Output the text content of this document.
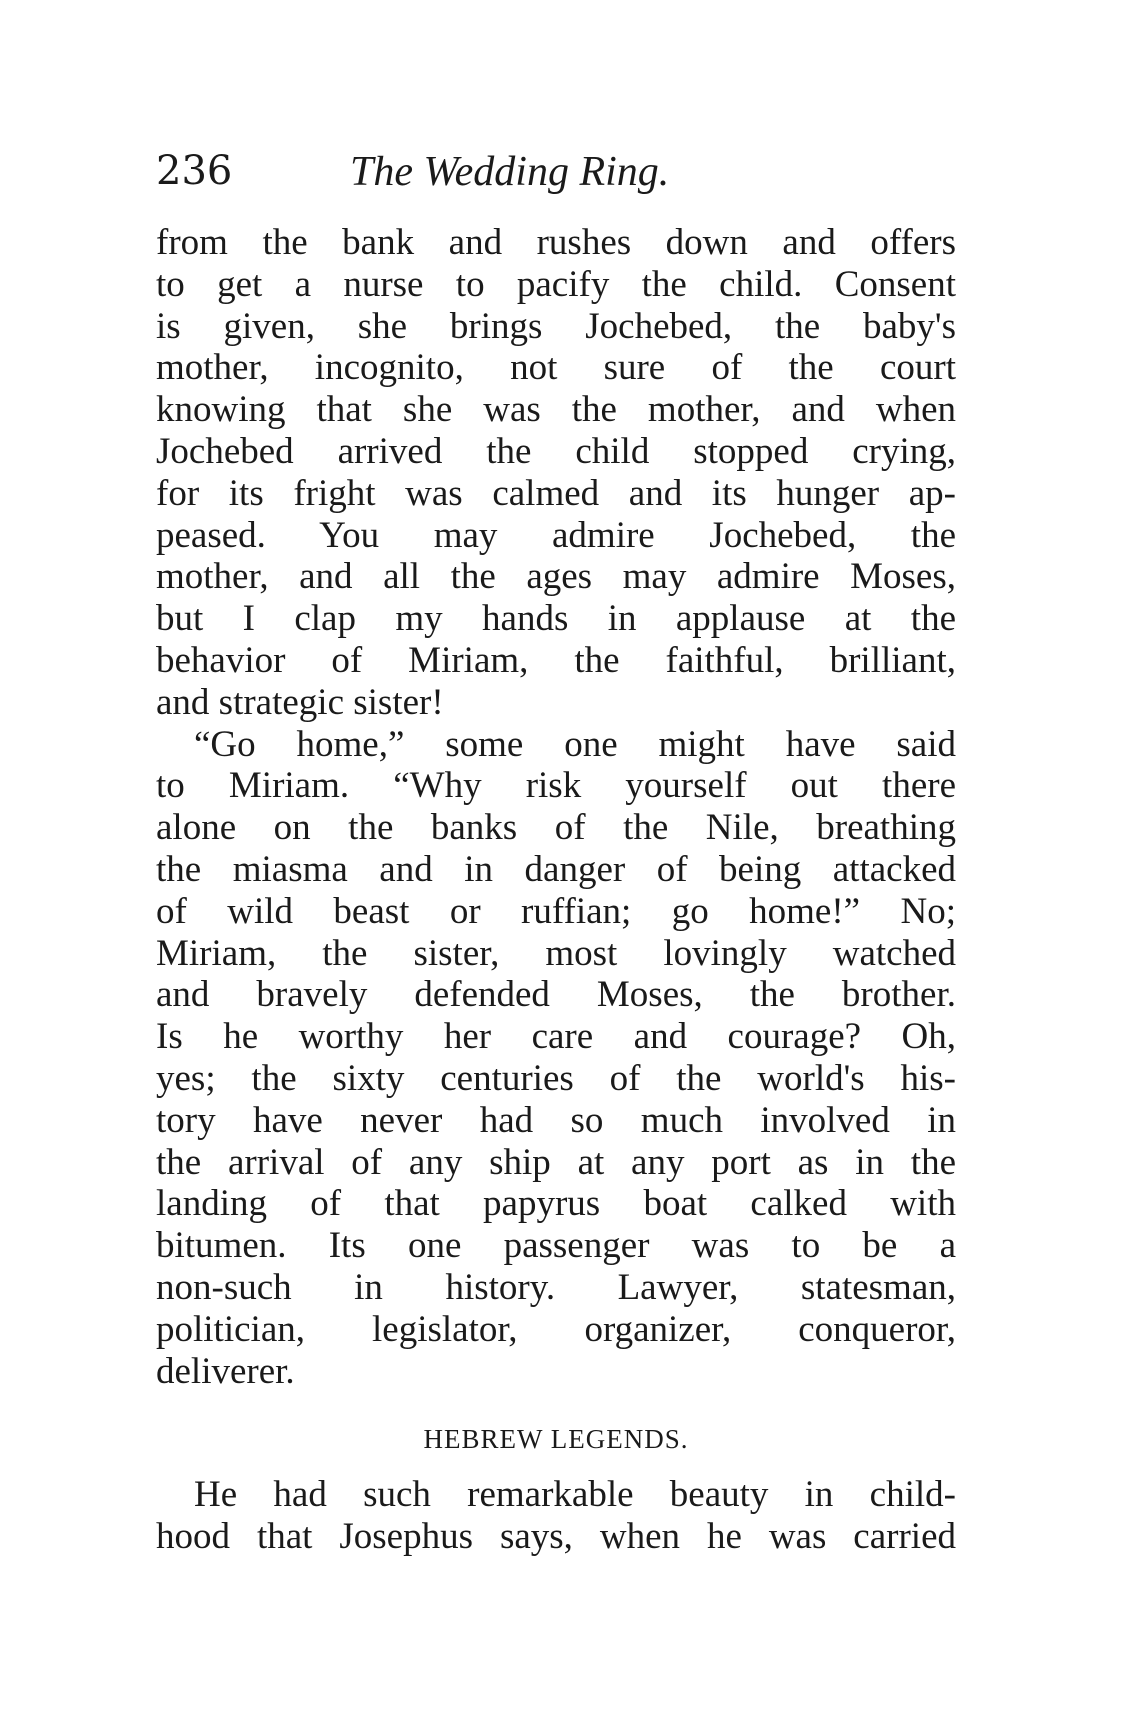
236	The Wedding Ring.
from the bank and rushes down and offers
to get a nurse to pacify the child. Consent
is given, she brings Jochebed, the baby's
mother, incognito, not sure of the court
knowing that she was the mother, and when
Jochebed arrived the child stopped crying,
for its fright was calmed and its hunger ap-
peased. You may admire Jochebed, the
mother, and all the ages may admire Moses,
but I clap my hands in applause at the
behavior of Miriam, the faithful, brilliant,
and strategic sister!
“Go home,” some one might have said
to Miriam. “Why risk yourself out there
alone on the banks of the Nile, breathing
the miasma and in danger of being attacked
of wild beast or ruffian; go home!” No;
Miriam, the sister, most lovingly watched
and bravely defended Moses, the brother.
Is he worthy her care and courage? Oh,
yes; the sixty centuries of the world's his-
tory have never had so much involved in
the arrival of any ship at any port as in the
landing of that papyrus boat calked with
bitumen. Its one passenger was to be a
non-such in history. Lawyer, statesman,
politician, legislator, organizer, conqueror,
deliverer.
HEBREW LEGENDS.
He had such remarkable beauty in child-
hood that Josephus says, when he was carried
